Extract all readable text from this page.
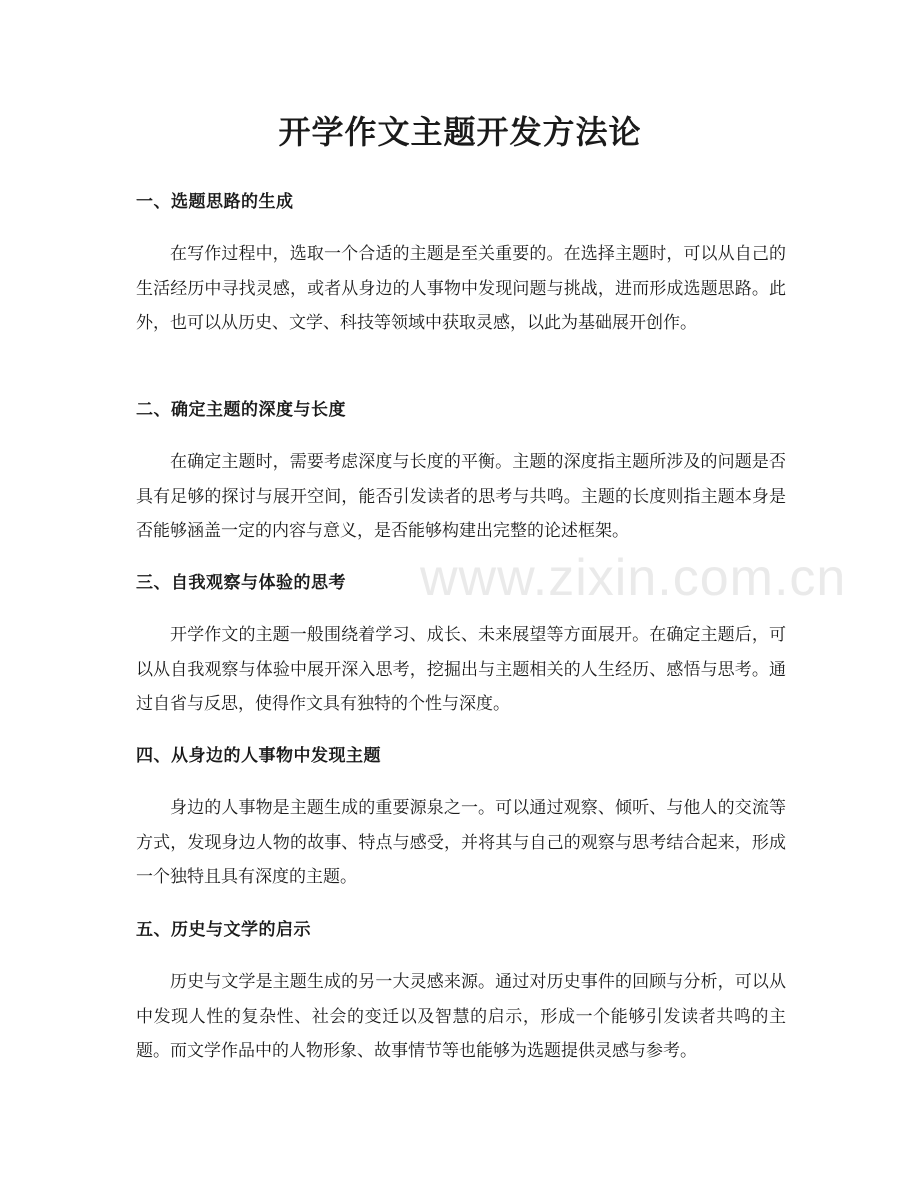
开学作文主题开发方法论
一、选题思路的生成

在写作过程中，选取一个合适的主题是至关重要的。在选择主题时，可以从自己的生活经历中寻找灵感，或者从身边的人事物中发现问题与挑战，进而形成选题思路。此外，也可以从历史、文学、科技等领域中获取灵感，以此为基础展开创作。

二、确定主题的深度与长度

在确定主题时，需要考虑深度与长度的平衡。主题的深度指主题所涉及的问题是否具有足够的探讨与展开空间，能否引发读者的思考与共鸣。主题的长度则指主题本身是否能够涵盖一定的内容与意义，是否能够构建出完整的论述框架。

三、自我观察与体验的思考

开学作文的主题一般围绕着学习、成长、未来展望等方面展开。在确定主题后，可以从自我观察与体验中展开深入思考，挖掘出与主题相关的人生经历、感悟与思考。通过自省与反思，使得作文具有独特的个性与深度。

四、从身边的人事物中发现主题

身边的人事物是主题生成的重要源泉之一。可以通过观察、倾听、与他人的交流等方式，发现身边人物的故事、特点与感受，并将其与自己的观察与思考结合起来，形成一个独特且具有深度的主题。

五、历史与文学的启示

历史与文学是主题生成的另一大灵感来源。通过对历史事件的回顾与分析，可以从中发现人性的复杂性、社会的变迁以及智慧的启示，形成一个能够引发读者共鸣的主题。而文学作品中的人物形象、故事情节等也能够为选题提供灵感与参考。

www.zixin.com.cn
